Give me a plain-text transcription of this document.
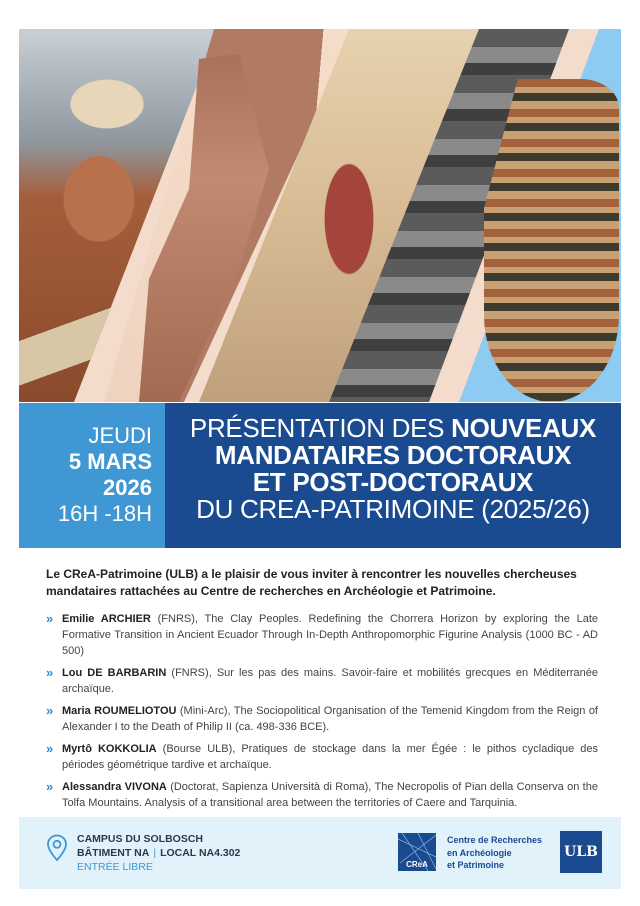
JEUDI
5 MARS
2026
16H -18H
PRÉSENTATION DES NOUVEAUX
MANDATAIRES DOCTORAUX
ET POST-DOCTORAUX
DU CREA-PATRIMOINE (2025/26)

Le CReA-Patrimoine (ULB) a le plaisir de vous inviter à rencontrer les nouvelles chercheuses mandataires rattachées au Centre de recherches en Archéologie et Patrimoine.

»	Emilie ARCHIER (FNRS), The Clay Peoples. Redefining the Chorrera Horizon by exploring the Late Formative Transition in Ancient Ecuador Through In-Depth Anthropomorphic Figurine Analysis (1000 BC - AD 500)
»	Lou DE BARBARIN (FNRS), Sur les pas des mains. Savoir-faire et mobilités grecques en Méditerranée archaïque.
»	Maria ROUMELIOTOU (Mini-Arc), The Sociopolitical Organisation of the Temenid Kingdom from the Reign of Alexander I to the Death of Philip II (ca. 498-336 BCE).
»	Myrtô KOKKOLIA (Bourse ULB), Pratiques de stockage dans la mer Égée : le pithos cycladique des périodes géométrique tardive et archaïque.
»	Alessandra VIVONA (Doctorat, Sapienza Università di Roma), The Necropolis of Pian della Conserva on the Tolfa Mountains. Analysis of a transitional area between the territories of Caere and Tarquinia.
CAMPUS DU SOLBOSCH
BÂTIMENT NA | LOCAL NA4.302
ENTRÉE LIBRE	CReA
Centre de Recherches
en Archéologie
et Patrimoine
ULB
